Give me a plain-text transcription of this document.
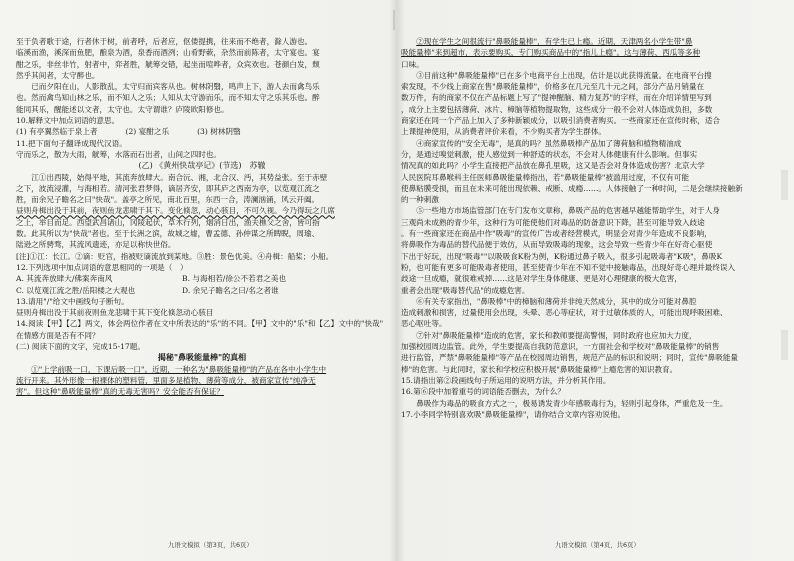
至于负者歌于途，行者休于树，前者呼，后者应，伛偻提携，往来而不绝者，滁人游也。

临溪而渔，溪深而鱼肥，酿泉为酒，泉香而酒洌；山肴野蔌，杂然而前陈者，太守宴也。宴

酣之乐，非丝非竹，射者中，弈者胜，觥筹交错，起坐而喧哗者，众宾欢也。苍颜白发，颓

然乎其间者，太守醉也。

已而夕阳在山，人影散乱，太守归而宾客从也。树林阴翳，鸣声上下，游人去而禽鸟乐

也。然而禽鸟知山林之乐，而不知人之乐；人知从太守游而乐，而不知太守之乐其乐也。醉

能同其乐，醒能述以文者，太守也。太守谓谁？庐陵欧阳修也。

10.解释文中加点词语的意思。

(1) 有亭翼然临于泉上者	(2) 宴酣之乐	(3) 树林阴翳

11.把下面句子翻译成现代汉语。

守而乐之，散为大雨，觥筹，水落而石出者，山间之四时也。

(乙) 《黄州快哉亭记》(节选)　苏辙

江①出西陵，始得平地，其流奔放肆大。南合沅、湘，北合汉、沔，其势益张。至于赤壁

之下，波流浸灌，与海相若。清河张君梦得，谪居齐安，即其庐之西南为亭，以览观江流之

胜，而余兄子瞻名之曰"快哉"。盖亭之所见，南北百里，东西一合，涛澜汹涌，风云开阖。

昼则舟楫出没于其前，夜则鱼龙悲啸于其下。变化倏忽，动心骇目，不可久视。今乃得玩之几席

之上，举目而足。西望武昌诸山，冈陵起伏，草木行列，烟消日出，渔夫樵父之舍，皆可指

数。此其所以为"快哉"者也。至于长洲之滨，故城之墟，曹孟德、孙仲谋之所睥睨，周瑜、

陆逊之所骋骛，其流风遗迹，亦足以称快世俗。

[注]①江：长江。②谪：贬官，指被贬谪流放到某地。③胜：景色优美。④舟楫：船桨；小船。

12.下列选项中加点词语的意思相同的一项是（　）

A. 其流奔放肆大/佛案奔南风	B. 与海相若/徐公不若君之美也
C. 以览观江流之胜/岳阳楼之大观也	D. 余兄子瞻名之曰/名之者谁

13.请用"/"给文中画线句子断句。

昼则舟楫出没于其前夜则鱼龙悲啸于其下变化倏忽动心骇目

14.阅读【甲】【乙】两文，体会两位作者在文中所表达的"乐"的不同。【甲】文中的"乐"和【乙】文中的"快哉"

在情感方面是否有不同？

(二) 阅读下面的文字，完成15-17题。

揭秘"鼻吸能量棒"的真相

①"上学前吸一口，下课后吸一口"。近期，一种名为"鼻吸能量棒"的产品在各中小学生中

流行开来。其外形像一根裸体的塑料管，里面多是植物、薄荷等成分，被商家宣传"纯净无

害"。但这种"鼻吸能量棒"真的无毒无害吗？安全能否有保证？

九语文模拟（第3页，共6页）

②现在学生之间很流行"鼻吸能量棒"，有学生已上瘾。近期，天津两名小学生带"鼻

吸能量棒"来到超市，表示要购买，专门购买商品中的"指儿上瘾"。这与薄荷、西瓜等多种

口味。

③目前这种"鼻吸能量棒"已在多个电商平台上出现，估计是以此获得流量。在电商平台搜

索发现，不少线上商家在售"鼻吸能量棒"，价格多在几元至几十元之间，部分产品月销量在

数万件，有的商家不仅在产品标题上写了"提神醒脑、精力复苏"的字样，而在介绍详情里写到

，成分上主要包括薄荷、冰片、樟脑等植物提取物，这些成分一般不会对人体造成负担，多数

商家还在同一个产品上加入了多种新颖成分，以吸引消费者购买。一些商家还在宣传时称，适合

上课提神使用，从消费者评价来看，不少购买者为学生群体。

④商家宣传的"安全无毒"，是真的吗？虽然鼻吸棒产品加了薄荷脑和植物精油成

分，是通过嗅觉刺激，使人感觉到一种舒适的状态，不会对人体健康有什么影响。但事实

情况真的如此吗？小学生直接把产品放在鼻孔里吸，这又是否会对身体造成伤害？北京大学

人民医院耳鼻喉科主任医师鼻吸能量棒指出，若"鼻吸能量棒"被滥用过度，不仅有可能

使鼻粘膜受损，而且在未来可能出现依赖、戒断、成瘾……。人体接触了一种时间，二是会继续接触新

的一种刺激

⑤一些地方市场监管部门在专门发布文章称，鼻吸产品的危害越早越能帮助学生，对于人身

三观尚未成熟的青少年，这种行为可能使他们对毒品的防备意识下降，甚至可能导致入歧途

。有一些商家还在商品中作"吸毒"的宣传广告或者经营模式，明显会对青少年造成不良影响，

将鼻吸作为毒品的替代品便于效仿，从而导致吸毒的现象，这会导致一些青少年在好奇心驱使

下出于好玩，出现"吸毒""以吸吸食K粉为例，K粉通过鼻子吸入，很多引起吸毒者"K吸"，鼻吸K

粉，也可能有更多可能吸毒者使用，甚至使青少年在不知不觉中接触毒品，出现好奇心理并最终误入

歧途一旦成瘾，就很难戒掉……这是对学生身体健康、更是对心理健康的极大危害，

重者会出现"吸毒替代品"的成瘾危害。

⑥有关专家指出，"鼻吸棒"中的樟脑和薄荷并非纯天然成分，其中的成分可能对鼻腔

造成刺激和损害，过量使用会出现，头晕、恶心等症状，对于过敏体质的人，可能出现呼吸困难、

恶心呕吐等。

⑦针对"鼻吸能量棒"造成的危害，家长和教师要提高警惕，同时政府也应加大力度，

加强校园周边监管。此外，学生要提高自我防范意识，一方面社会和学校对"鼻吸能量棒"的销售

进行监管，严禁"鼻吸能量棒"等产品在校园周边销售，规范产品的标识和说明；同时，宣传"鼻吸能量

棒"的危害。与此同时，家长和学校应积极开展"鼻吸能量棒"上瘾危害的知识教育。

15.请指出第②段画线句子所运用的说明方法，并分析其作用。

16.第⑥段中加着重号的词语能否删去，为什么？

鼻吸作为毒品的吸食方式之一，极易诱发青少年感吸毒行为，轻则引起身体，严重危及一生。

17.小李同学特别喜欢吸"鼻吸能量棒"，请你结合文章内容劝说他。

九语文模拟（第4页，共6页）
